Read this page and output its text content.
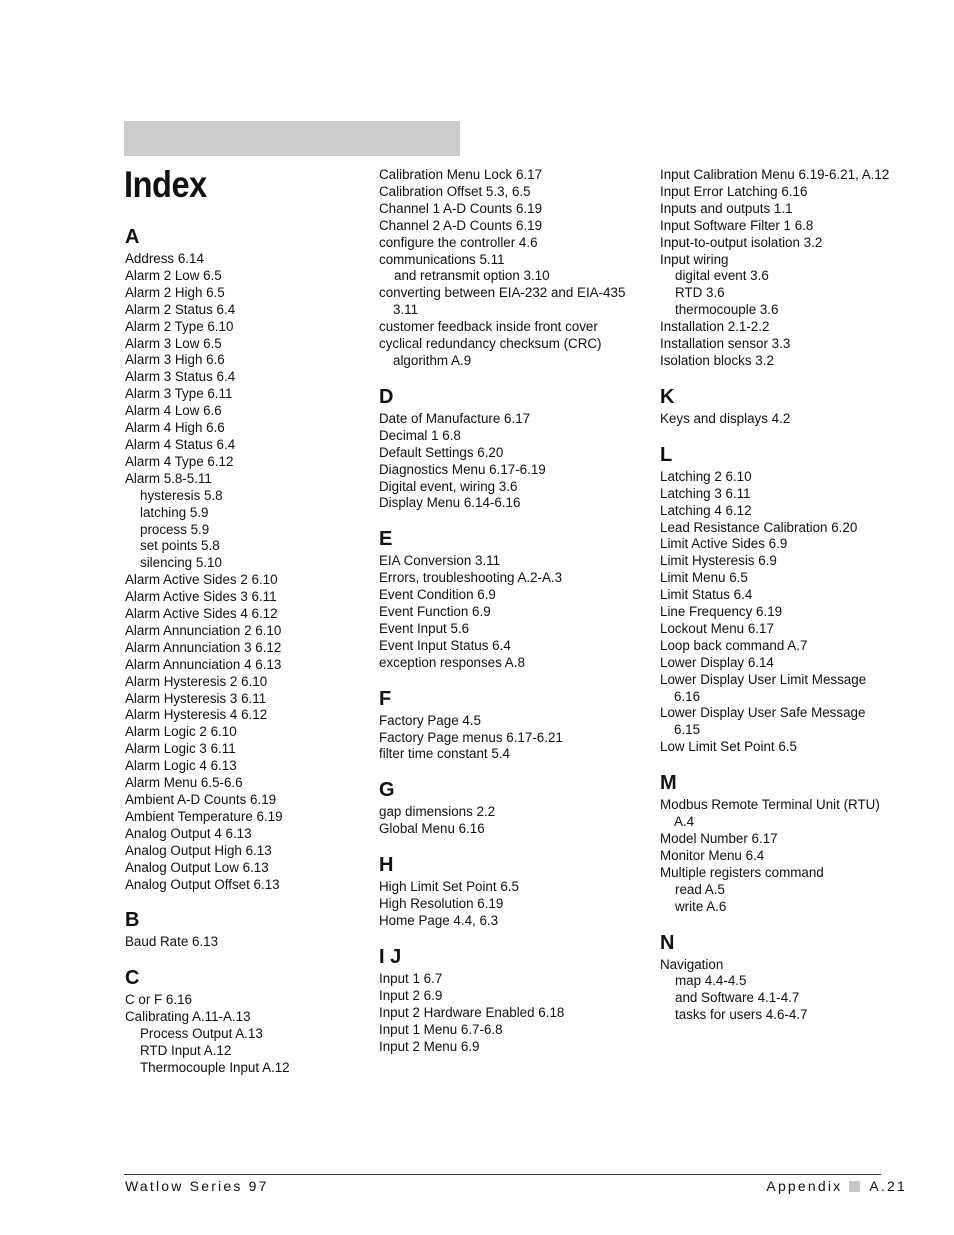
Index
A
Address 6.14
Alarm 2 Low 6.5
Alarm 2 High 6.5
Alarm 2 Status 6.4
Alarm 2 Type 6.10
Alarm 3 Low 6.5
Alarm 3 High 6.6
Alarm 3 Status 6.4
Alarm 3 Type 6.11
Alarm 4 Low 6.6
Alarm 4 High 6.6
Alarm 4 Status 6.4
Alarm 4 Type 6.12
Alarm 5.8-5.11
hysteresis 5.8
latching 5.9
process 5.9
set points 5.8
silencing 5.10
Alarm Active Sides 2 6.10
Alarm Active Sides 3 6.11
Alarm Active Sides 4 6.12
Alarm Annunciation 2 6.10
Alarm Annunciation 3 6.12
Alarm Annunciation 4 6.13
Alarm Hysteresis 2 6.10
Alarm Hysteresis 3 6.11
Alarm Hysteresis 4 6.12
Alarm Logic 2 6.10
Alarm Logic 3 6.11
Alarm Logic 4 6.13
Alarm Menu 6.5-6.6
Ambient A-D Counts 6.19
Ambient Temperature 6.19
Analog Output 4 6.13
Analog Output High 6.13
Analog Output Low 6.13
Analog Output Offset 6.13
B
Baud Rate 6.13
C
C or F 6.16
Calibrating A.11-A.13
Process Output A.13
RTD Input A.12
Thermocouple Input A.12
Calibration Menu Lock 6.17
Calibration Offset 5.3, 6.5
Channel 1 A-D Counts 6.19
Channel 2 A-D Counts 6.19
configure the controller 4.6
communications 5.11
and retransmit option 3.10
converting between EIA-232 and EIA-435 3.11
customer feedback inside front cover
cyclical redundancy checksum (CRC) algorithm A.9
D
Date of Manufacture 6.17
Decimal 1 6.8
Default Settings 6.20
Diagnostics Menu 6.17-6.19
Digital event, wiring 3.6
Display Menu 6.14-6.16
E
EIA Conversion 3.11
Errors, troubleshooting A.2-A.3
Event Condition 6.9
Event Function 6.9
Event Input 5.6
Event Input Status 6.4
exception responses A.8
F
Factory Page 4.5
Factory Page menus 6.17-6.21
filter time constant 5.4
G
gap dimensions 2.2
Global Menu 6.16
H
High Limit Set Point 6.5
High Resolution 6.19
Home Page 4.4, 6.3
I J
Input 1 6.7
Input 2 6.9
Input 2 Hardware Enabled 6.18
Input 1 Menu 6.7-6.8
Input 2 Menu 6.9
Input Calibration Menu 6.19-6.21, A.12
Input Error Latching 6.16
Inputs and outputs 1.1
Input Software Filter 1 6.8
Input-to-output isolation 3.2
Input wiring
digital event 3.6
RTD 3.6
thermocouple 3.6
Installation 2.1-2.2
Installation sensor 3.3
Isolation blocks 3.2
K
Keys and displays 4.2
L
Latching 2 6.10
Latching 3 6.11
Latching 4 6.12
Lead Resistance Calibration 6.20
Limit Active Sides 6.9
Limit Hysteresis 6.9
Limit Menu 6.5
Limit Status 6.4
Line Frequency 6.19
Lockout Menu 6.17
Loop back command A.7
Lower Display 6.14
Lower Display User Limit Message 6.16
Lower Display User Safe Message 6.15
Low Limit Set Point 6.5
M
Modbus Remote Terminal Unit (RTU) A.4
Model Number 6.17
Monitor Menu 6.4
Multiple registers command
read A.5
write A.6
N
Navigation
map 4.4-4.5
and Software 4.1-4.7
tasks for users 4.6-4.7
Watlow Series 97	Appendix A.21
